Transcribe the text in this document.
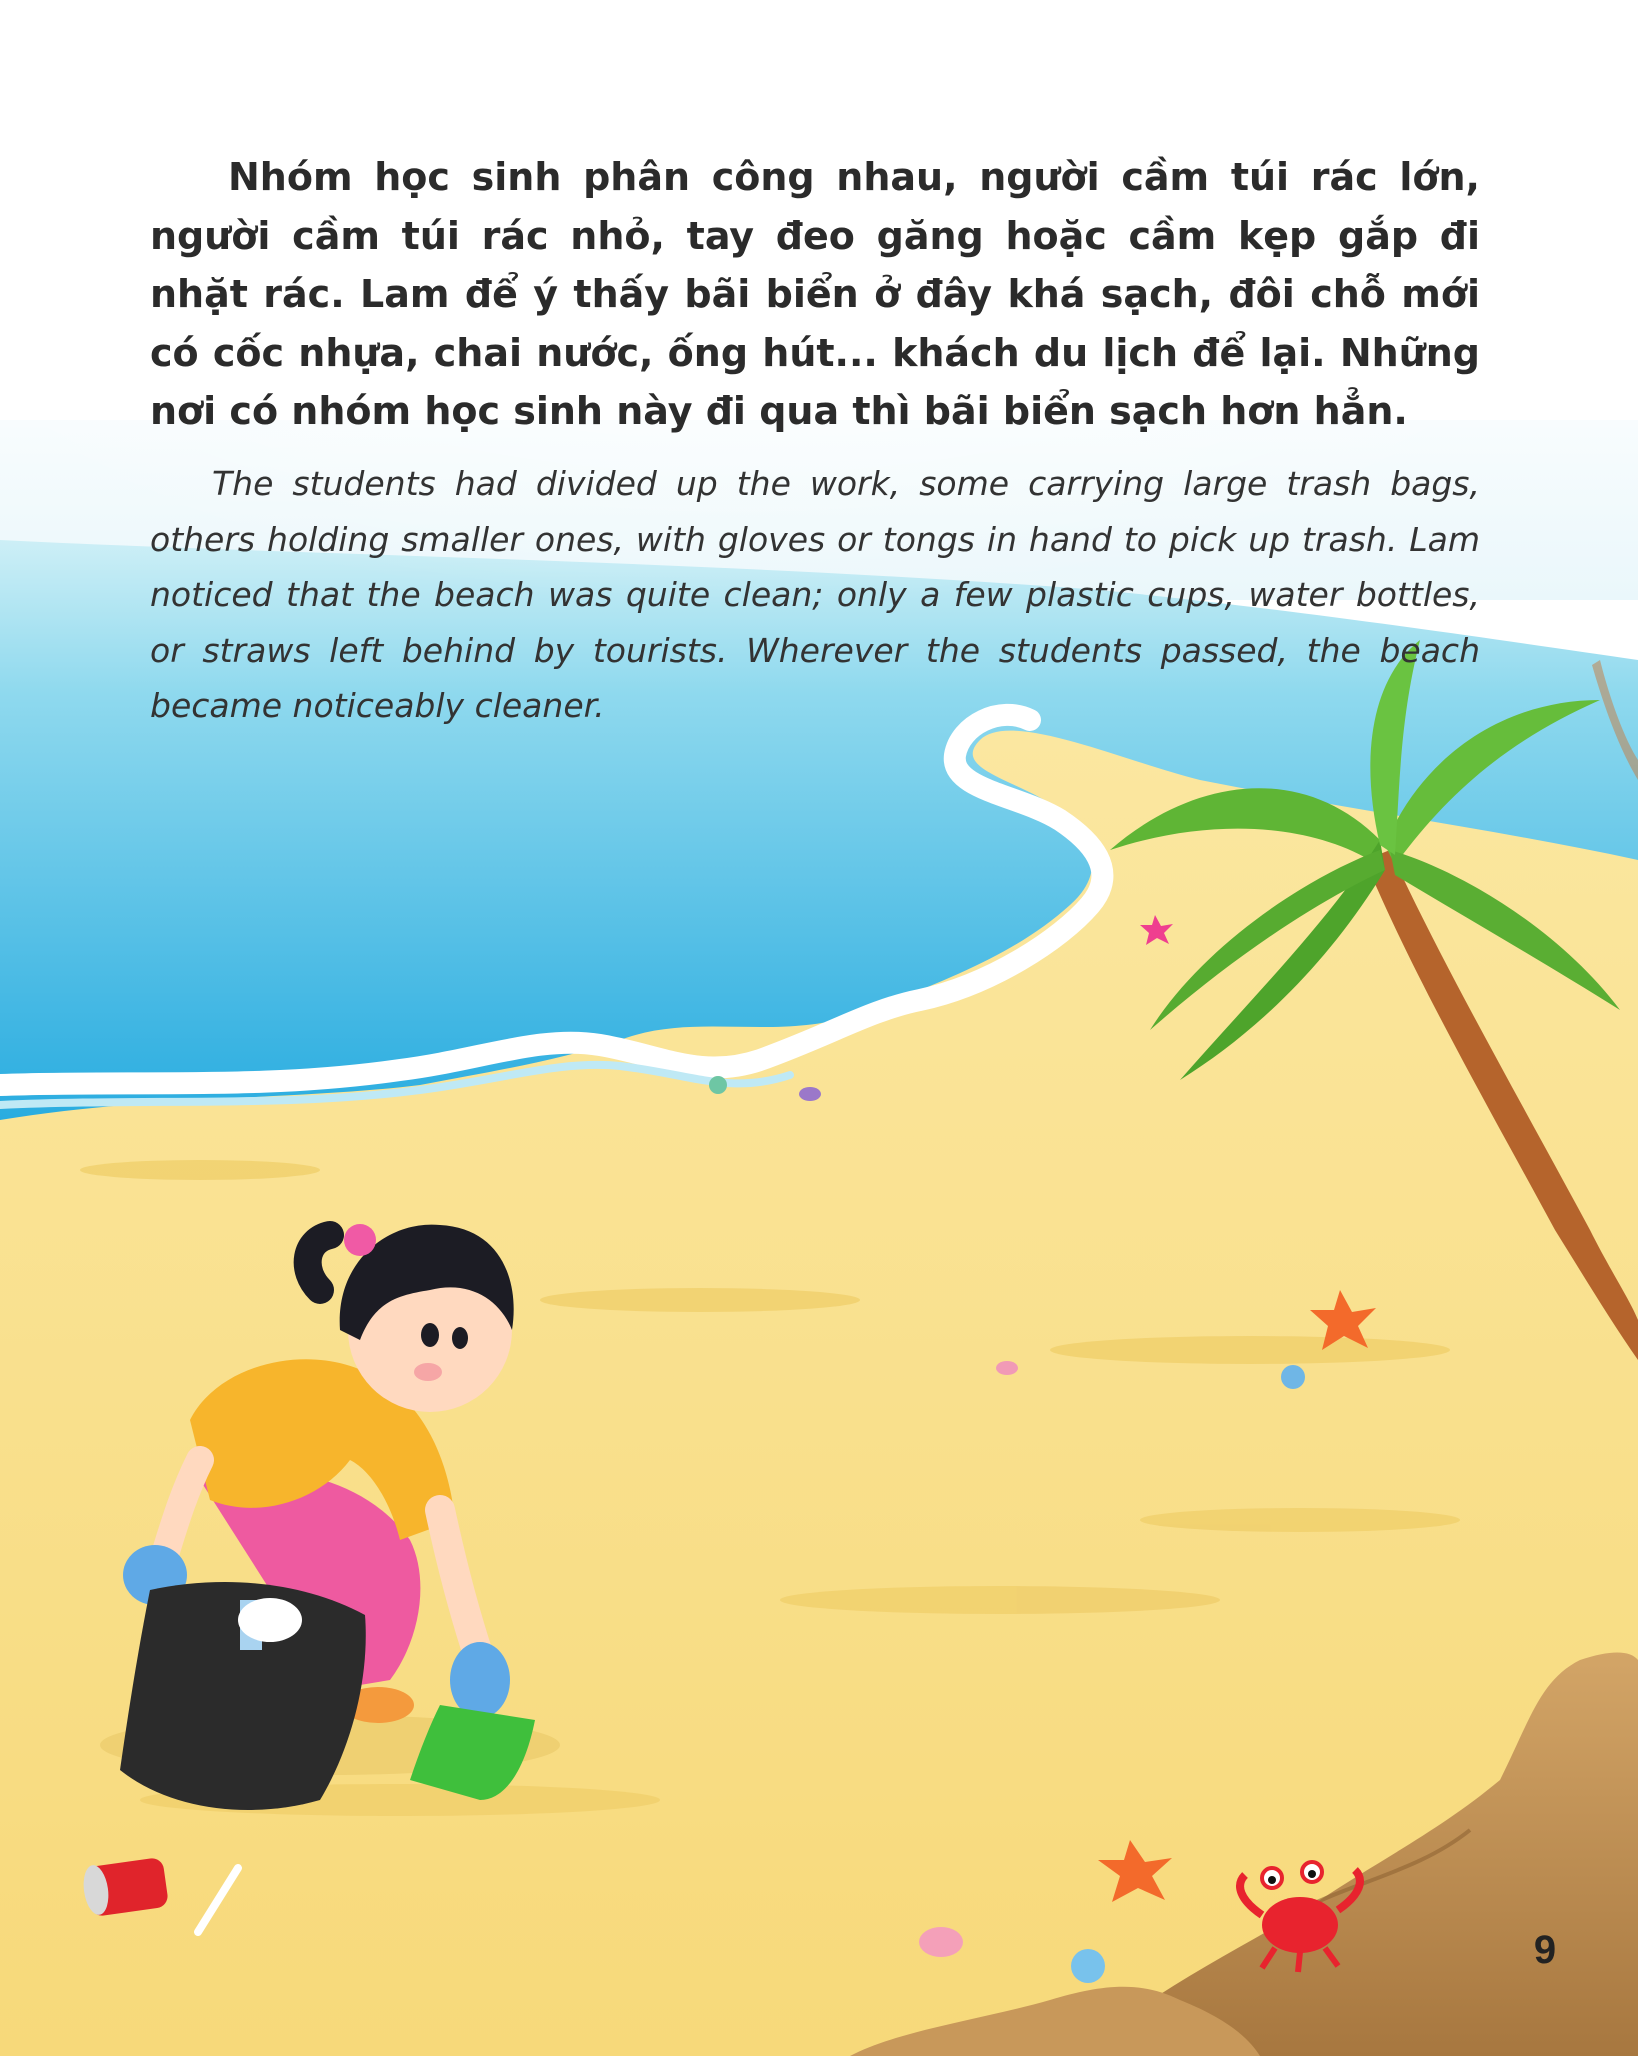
Nhóm học sinh phân công nhau, người cầm túi rác lớn, người cầm túi rác nhỏ, tay đeo găng hoặc cầm kẹp gắp đi nhặt rác. Lam để ý thấy bãi biển ở đây khá sạch, đôi chỗ mới có cốc nhựa, chai nước, ống hút... khách du lịch để lại. Những nơi có nhóm học sinh này đi qua thì bãi biển sạch hơn hẳn.
The students had divided up the work, some carrying large trash bags, others holding smaller ones, with gloves or tongs in hand to pick up trash. Lam noticed that the beach was quite clean; only a few plastic cups, water bottles, or straws left behind by tourists. Wherever the students passed, the beach became noticeably cleaner.
9
